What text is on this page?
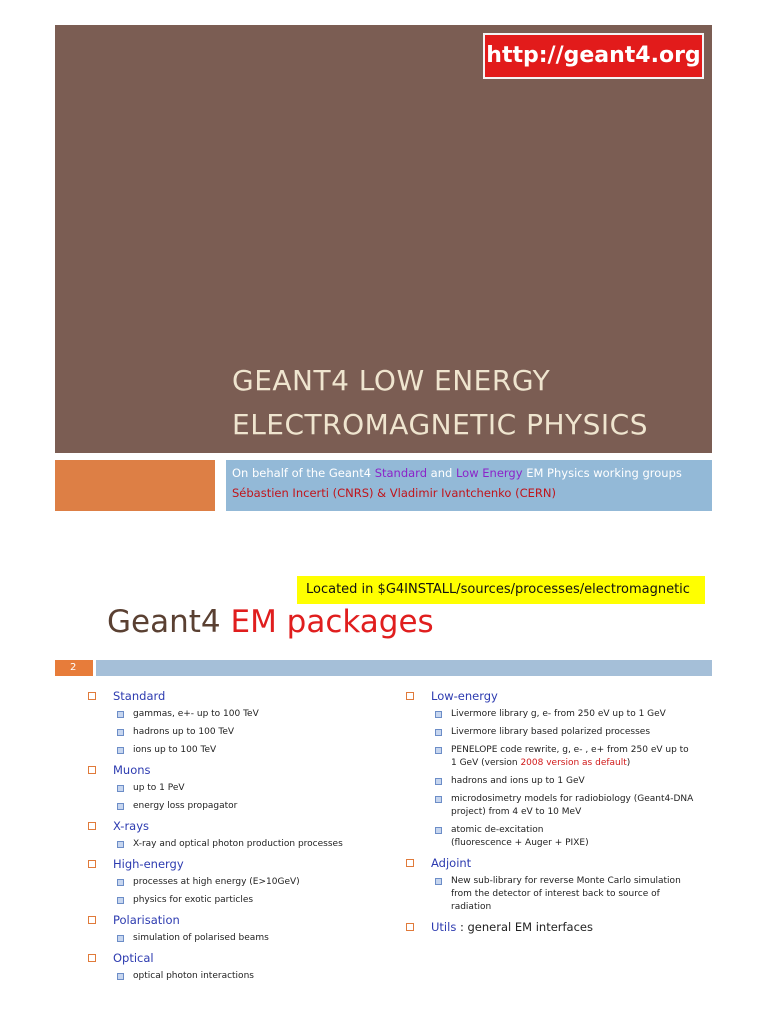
http://geant4.org
GEANT4 LOW ENERGY
ELECTROMAGNETIC PHYSICS
On behalf of the Geant4 Standard and Low Energy EM Physics working groups
Sébastien Incerti (CNRS) & Vladimir Ivantchenko (CERN)
Located in $G4INSTALL/sources/processes/electromagnetic
Geant4 EM packages
2
Standard
gammas, e+- up to 100 TeV
hadrons up to 100 TeV
ions up to 100 TeV
Muons
up to 1 PeV
energy loss propagator
X-rays
X-ray and optical photon production processes
High-energy
processes at high energy (E>10GeV)
physics for exotic particles
Polarisation
simulation of polarised beams
Optical
optical photon interactions
Low-energy
Livermore library g, e- from 250 eV up to 1 GeV
Livermore library based polarized processes
PENELOPE code rewrite, g, e- , e+ from 250 eV up to 1 GeV (version 2008 version as default)
hadrons and ions up to 1 GeV
microdosimetry models for radiobiology (Geant4-DNA project) from 4 eV to 10 MeV
atomic de-excitation
(fluorescence + Auger + PIXE)
Adjoint
New sub-library for reverse Monte Carlo simulation from the detector of interest back to source of radiation
Utils : general EM interfaces
